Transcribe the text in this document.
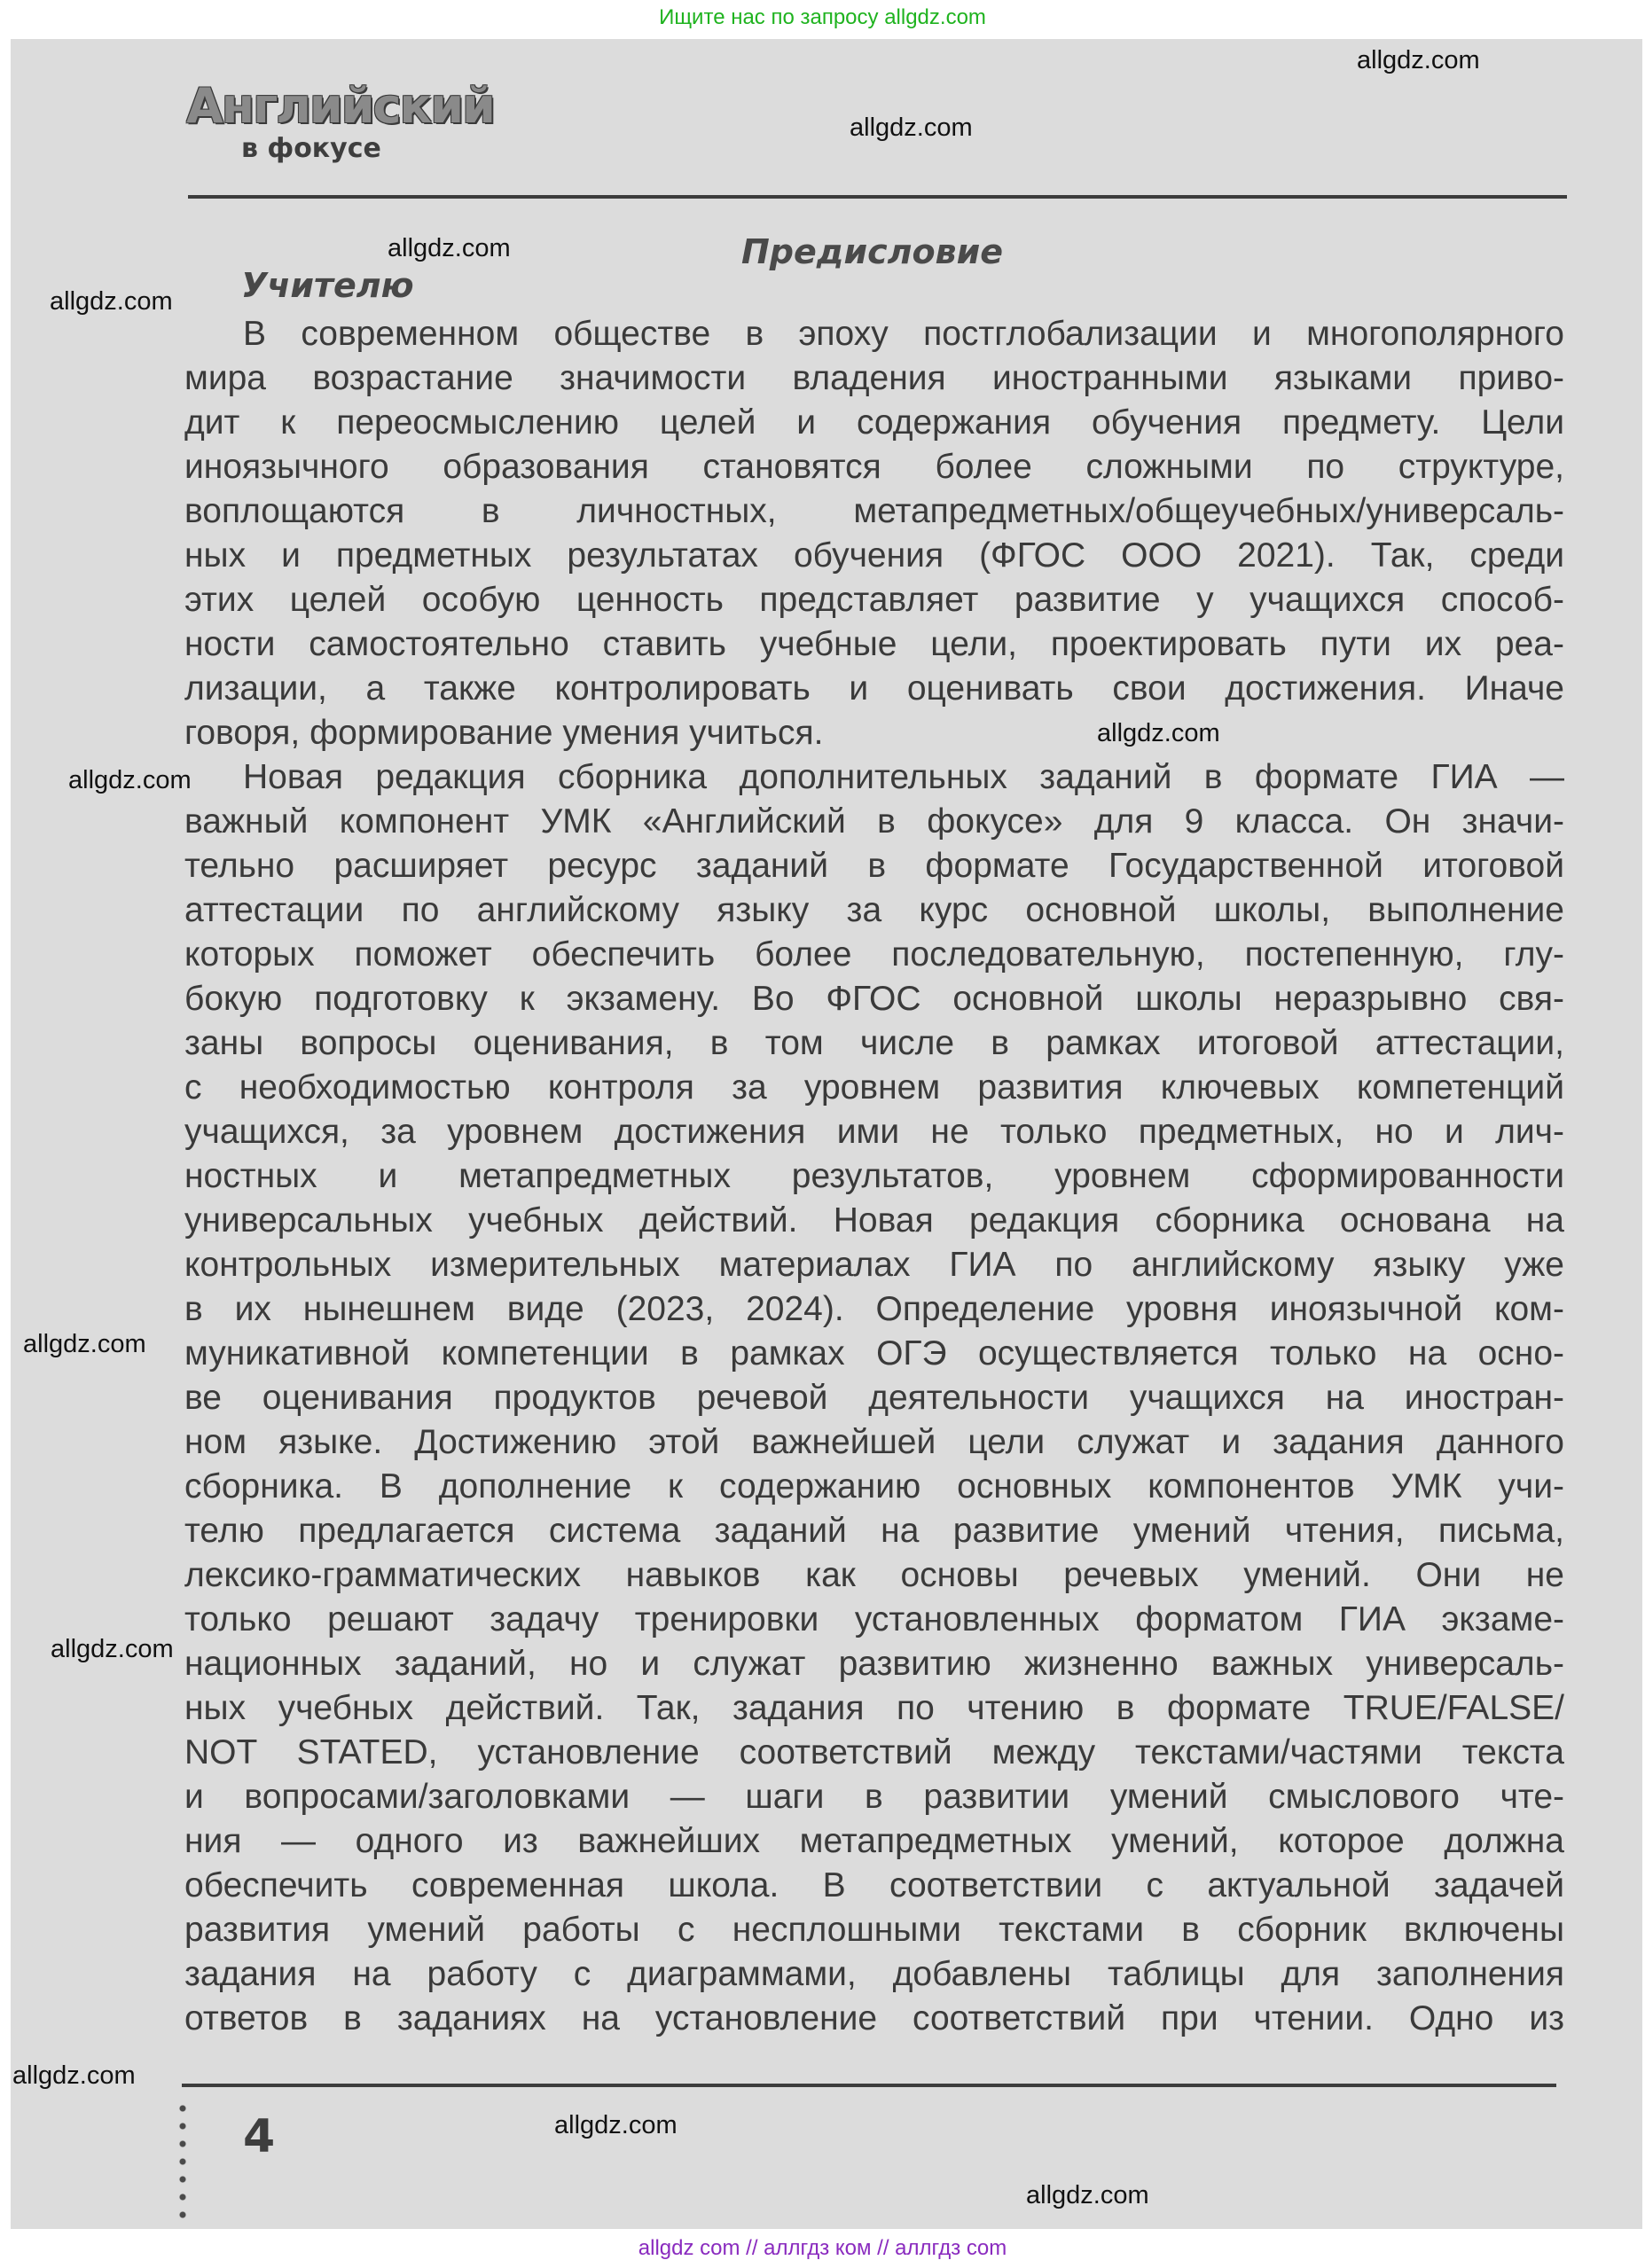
Ищите нас по запросу allgdz.com
Английский
в фокусе
Предисловие
Учителю
В современном обществе в эпоху постглобализации и многополярного
мира возрастание значимости владения иностранными языками приво-
дит к переосмыслению целей и содержания обучения предмету. Цели
иноязычного образования становятся более сложными по структуре,
воплощаются в личностных, метапредметных/общеучебных/универсаль-
ных и предметных результатах обучения (ФГОС ООО 2021). Так, среди
этих целей особую ценность представляет развитие у учащихся способ-
ности самостоятельно ставить учебные цели, проектировать пути их реа-
лизации, а также контролировать и оценивать свои достижения. Иначе
говоря, формирование умения учиться.
Новая редакция сборника дополнительных заданий в формате ГИА —
важный компонент УМК «Английский в фокусе» для 9 класса. Он значи-
тельно расширяет ресурс заданий в формате Государственной итоговой
аттестации по английскому языку за курс основной школы, выполнение
которых поможет обеспечить более последовательную, постепенную, глу-
бокую подготовку к экзамену. Во ФГОС основной школы неразрывно свя-
заны вопросы оценивания, в том числе в рамках итоговой аттестации,
с необходимостью контроля за уровнем развития ключевых компетенций
учащихся, за уровнем достижения ими не только предметных, но и лич-
ностных и метапредметных результатов, уровнем сформированности
универсальных учебных действий. Новая редакция сборника основана на
контрольных измерительных материалах ГИА по английскому языку уже
в их нынешнем виде (2023, 2024). Определение уровня иноязычной ком-
муникативной компетенции в рамках ОГЭ осуществляется только на осно-
ве оценивания продуктов речевой деятельности учащихся на иностран-
ном языке. Достижению этой важнейшей цели служат и задания данного
сборника. В дополнение к содержанию основных компонентов УМК учи-
телю предлагается система заданий на развитие умений чтения, письма,
лексико-грамматических навыков как основы речевых умений. Они не
только решают задачу тренировки установленных форматом ГИА экзаме-
национных заданий, но и служат развитию жизненно важных универсаль-
ных учебных действий. Так, задания по чтению в формате TRUE/FALSE/
NOT STATED, установление соответствий между текстами/частями текста
и вопросами/заголовками — шаги в развитии умений смыслового чте-
ния — одного из важнейших метапредметных умений, которое должна
обеспечить современная школа. В соответствии с актуальной задачей
развития умений работы с несплошными текстами в сборник включены
задания на работу с диаграммами, добавлены таблицы для заполнения
ответов в заданиях на установление соответствий при чтении. Одно из
4
allgdz.com
allgdz.com
allgdz.com
allgdz.com
allgdz.com
allgdz.com
allgdz.com
allgdz.com
allgdz.com
allgdz.com
allgdz.com
allgdz com // аллгдз ком // аллгдз com
